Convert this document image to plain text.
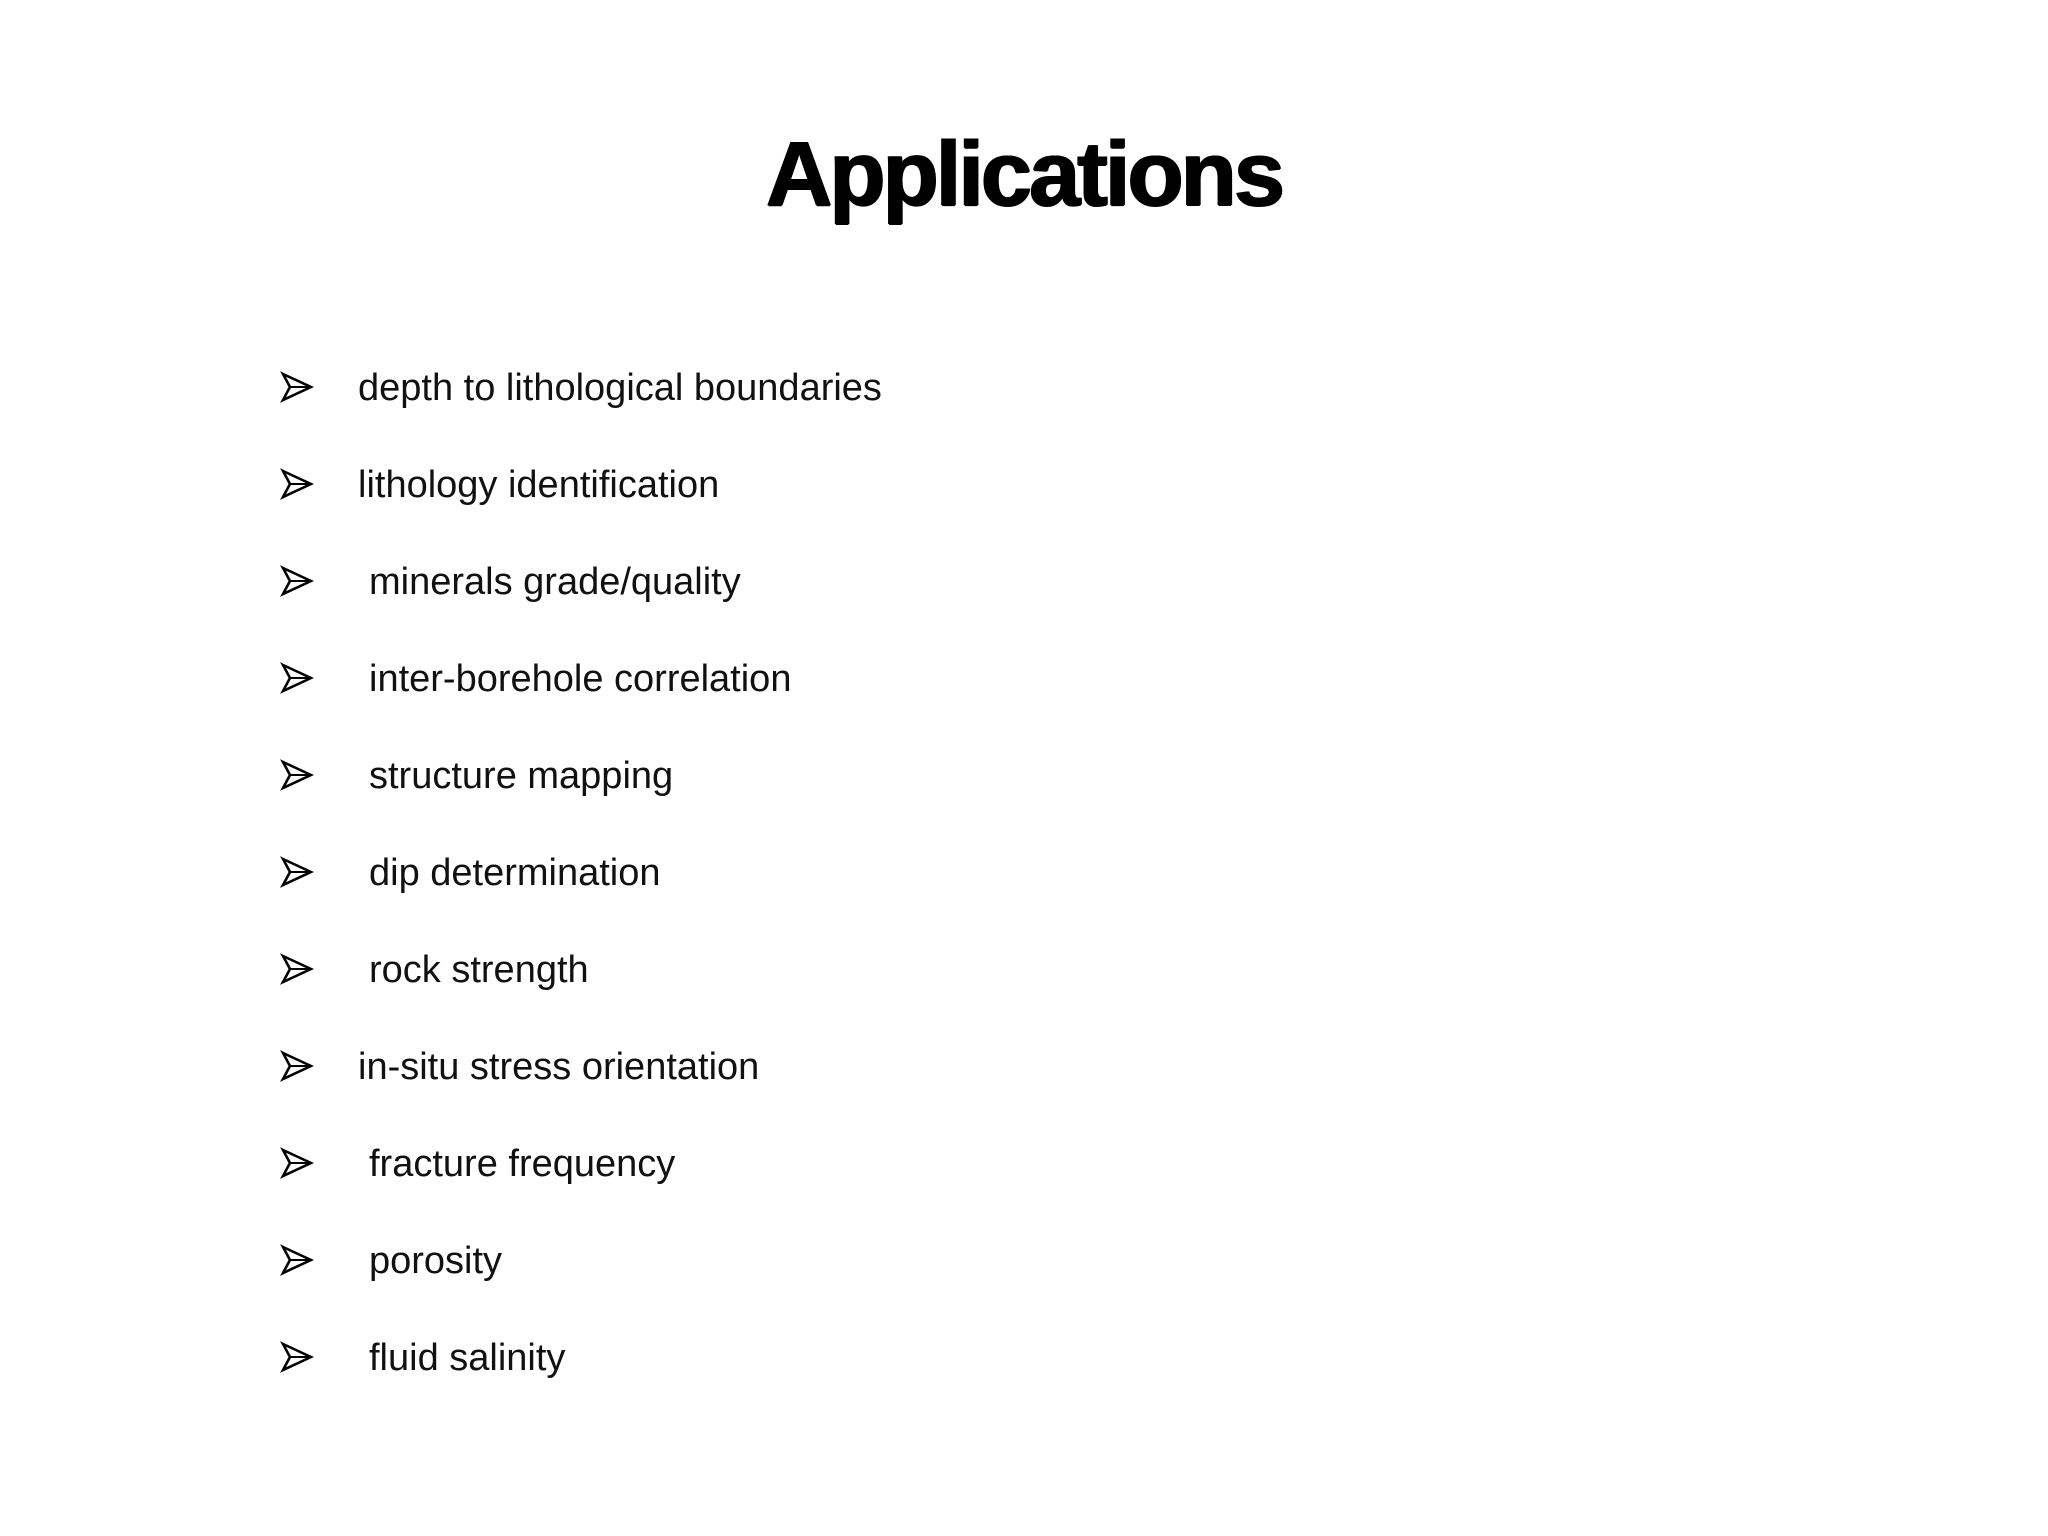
Applications
depth to lithological boundaries
lithology identification
minerals grade/quality
inter-borehole correlation
structure mapping
dip determination
rock strength
in-situ stress orientation
fracture frequency
porosity
fluid salinity
